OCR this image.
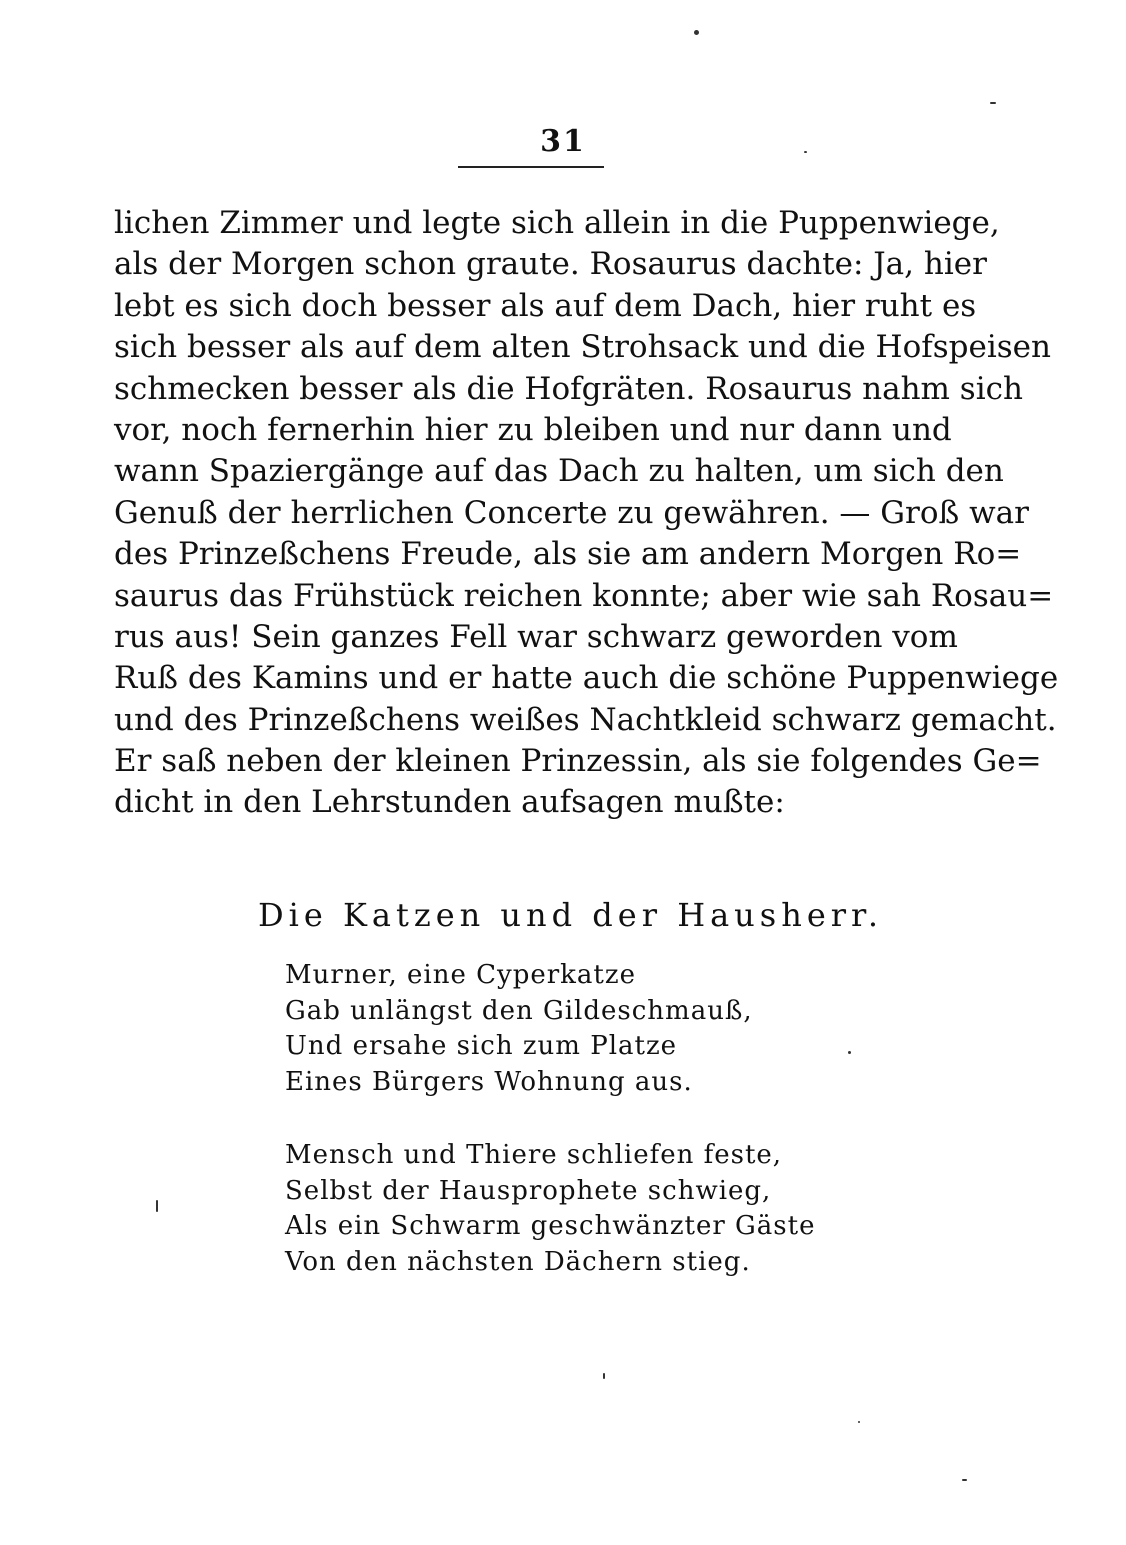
31
lichen Zimmer und legte sich allein in die Puppenwiege,
als der Morgen schon graute. Rosaurus dachte: Ja, hier
lebt es sich doch besser als auf dem Dach, hier ruht es
sich besser als auf dem alten Strohsack und die Hofspeisen
schmecken besser als die Hofgräten. Rosaurus nahm sich
vor, noch fernerhin hier zu bleiben und nur dann und
wann Spaziergänge auf das Dach zu halten, um sich den
Genuß der herrlichen Concerte zu gewähren. — Groß war
des Prinzeßchens Freude, als sie am andern Morgen Ro=
saurus das Frühstück reichen konnte; aber wie sah Rosau=
rus aus! Sein ganzes Fell war schwarz geworden vom
Ruß des Kamins und er hatte auch die schöne Puppenwiege
und des Prinzeßchens weißes Nachtkleid schwarz gemacht.
Er saß neben der kleinen Prinzessin, als sie folgendes Ge=
dicht in den Lehrstunden aufsagen mußte:
Die Katzen und der Hausherr.
Murner, eine Cyperkatze
Gab unlängst den Gildeschmauß,
Und ersahe sich zum Platze
Eines Bürgers Wohnung aus.
Mensch und Thiere schliefen feste,
Selbst der Hausprophete schwieg,
Als ein Schwarm geschwänzter Gäste
Von den nächsten Dächern stieg.
